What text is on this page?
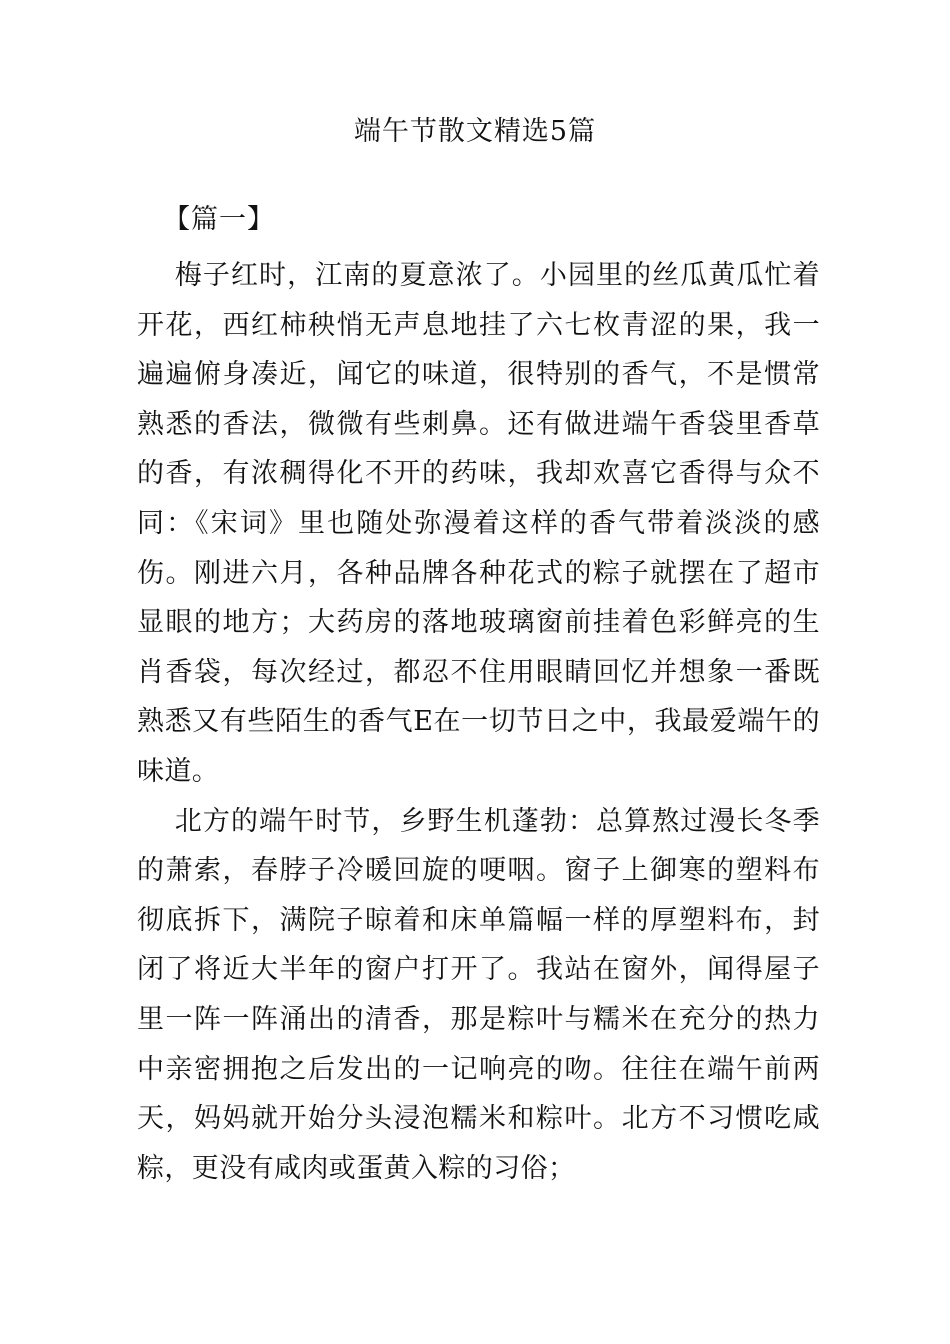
端午节散文精选5篇
【篇一】

梅子红时，江南的夏意浓了。小园里的丝瓜黄瓜忙着开花，西红柿秧悄无声息地挂了六七枚青涩的果，我一遍遍俯身凑近，闻它的味道，很特别的香气，不是惯常熟悉的香法，微微有些刺鼻。还有做进端午香袋里香草的香，有浓稠得化不开的药味，我却欢喜它香得与众不同：《宋词》里也随处弥漫着这样的香气带着淡淡的感伤。刚进六月，各种品牌各种花式的粽子就摆在了超市显眼的地方；大药房的落地玻璃窗前挂着色彩鲜亮的生肖香袋，每次经过，都忍不住用眼睛回忆并想象一番既熟悉又有些陌生的香气E在一切节日之中，我最爱端午的味道。

北方的端午时节，乡野生机蓬勃：总算熬过漫长冬季的萧索，春脖子冷暖回旋的哽咽。窗子上御寒的塑料布彻底拆下，满院子晾着和床单篇幅一样的厚塑料布，封闭了将近大半年的窗户打开了。我站在窗外，闻得屋子里一阵一阵涌出的清香，那是粽叶与糯米在充分的热力中亲密拥抱之后发出的一记响亮的吻。往往在端午前两天，妈妈就开始分头浸泡糯米和粽叶。北方不习惯吃咸粽，更没有咸肉或蛋黄入粽的习俗；
